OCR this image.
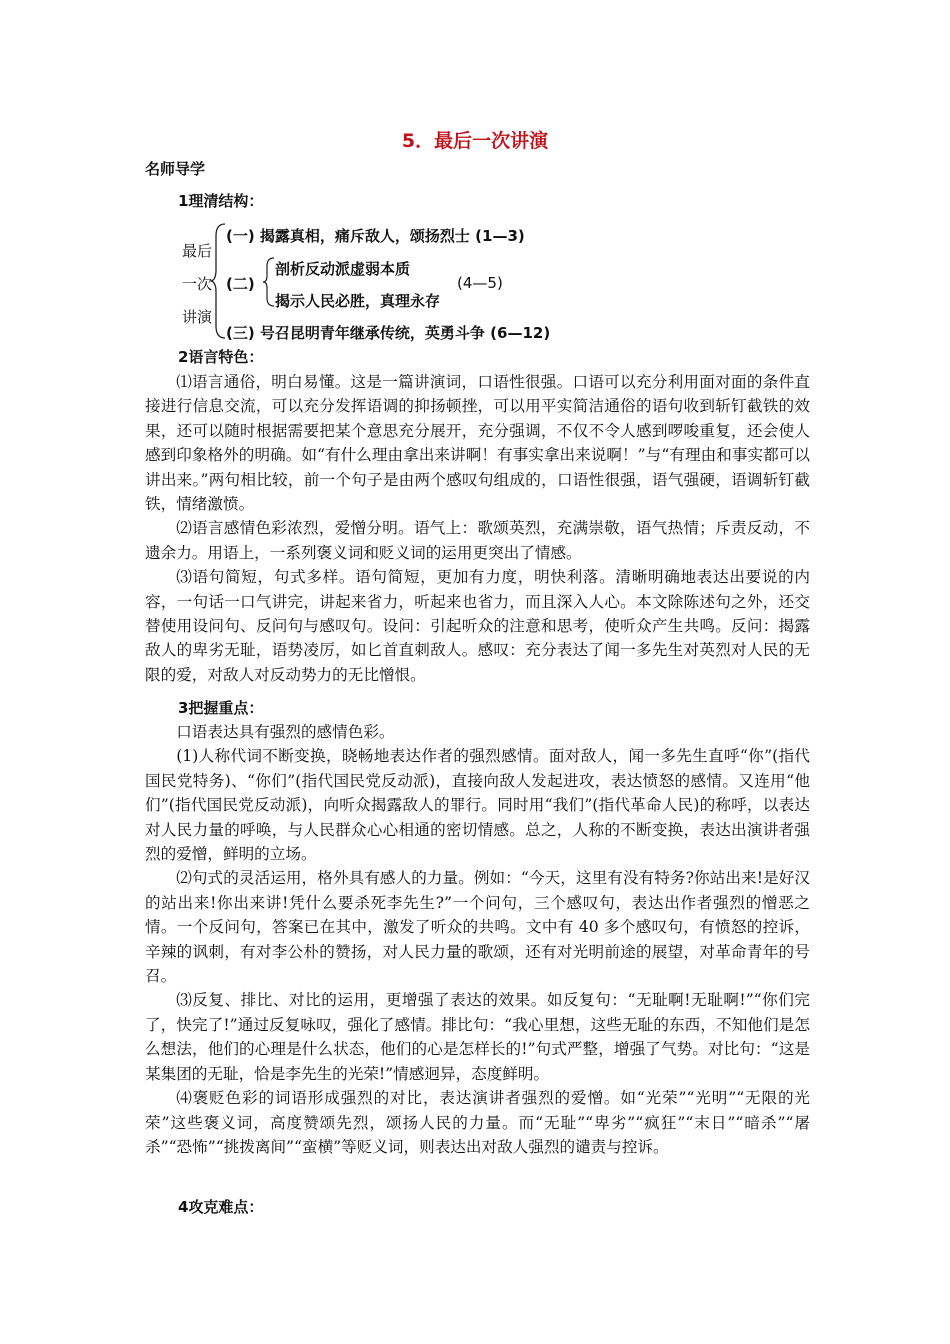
5．最后一次讲演
名师导学
1理清结构：
最后
一次
讲演
(一) 揭露真相，痛斥敌人，颂扬烈士 (1—3)
(二)
剖析反动派虚弱本质
揭示人民必胜，真理永存
(4—5)
(三) 号召昆明青年继承传统，英勇斗争 (6—12)
2语言特色：

⑴语言通俗，明白易懂。这是一篇讲演词，口语性很强。口语可以充分利用面对面的条件直接进行信息交流，可以充分发挥语调的抑扬顿挫，可以用平实简洁通俗的语句收到斩钉截铁的效果，还可以随时根据需要把某个意思充分展开，充分强调，不仅不令人感到啰唆重复，还会使人感到印象格外的明确。如“有什么理由拿出来讲啊！有事实拿出来说啊！”与“有理由和事实都可以讲出来。”两句相比较，前一个句子是由两个感叹句组成的，口语性很强，语气强硬，语调斩钉截铁，情绪激愤。

⑵语言感情色彩浓烈，爱憎分明。语气上：歌颂英烈，充满崇敬，语气热情；斥责反动，不遗余力。用语上，一系列褒义词和贬义词的运用更突出了情感。

⑶语句简短，句式多样。语句简短，更加有力度，明快利落。清晰明确地表达出要说的内容，一句话一口气讲完，讲起来省力，听起来也省力，而且深入人心。本文除陈述句之外，还交替使用设问句、反问句与感叹句。设问：引起听众的注意和思考，使听众产生共鸣。反问：揭露敌人的卑劣无耻，语势凌厉，如匕首直刺敌人。感叹：充分表达了闻一多先生对英烈对人民的无限的爱，对敌人对反动势力的无比憎恨。

3把握重点：

口语表达具有强烈的感情色彩。

(1)人称代词不断变换，晓畅地表达作者的强烈感情。面对敌人，闻一多先生直呼“你”(指代国民党特务)、“你们”(指代国民党反动派)，直接向敌人发起进攻，表达愤怒的感情。又连用“他们”(指代国民党反动派)，向听众揭露敌人的罪行。同时用“我们”(指代革命人民)的称呼，以表达对人民力量的呼唤，与人民群众心心相通的密切情感。总之，人称的不断变换，表达出演讲者强烈的爱憎，鲜明的立场。

⑵句式的灵活运用，格外具有感人的力量。例如：“今天，这里有没有特务?你站出来!是好汉的站出来!你出来讲!凭什么要杀死李先生?”一个问句，三个感叹句，表达出作者强烈的憎恶之情。一个反问句，答案已在其中，激发了听众的共鸣。文中有 40 多个感叹句，有愤怒的控诉，辛辣的讽刺，有对李公朴的赞扬，对人民力量的歌颂，还有对光明前途的展望，对革命青年的号召。

⑶反复、排比、对比的运用，更增强了表达的效果。如反复句：“无耻啊!无耻啊!”“你们完了，快完了!”通过反复咏叹，强化了感情。排比句：“我心里想，这些无耻的东西，不知他们是怎么想法，他们的心理是什么状态，他们的心是怎样长的!”句式严整，增强了气势。对比句：“这是某集团的无耻，恰是李先生的光荣!”情感迥异，态度鲜明。

⑷褒贬色彩的词语形成强烈的对比，表达演讲者强烈的爱憎。如“光荣”“光明”“无限的光荣”这些褒义词，高度赞颂先烈，颂扬人民的力量。而“无耻”“卑劣”“疯狂”“末日”“暗杀”“屠杀”“恐怖”“挑拨离间”“蛮横”等贬义词，则表达出对敌人强烈的谴责与控诉。

4攻克难点：
